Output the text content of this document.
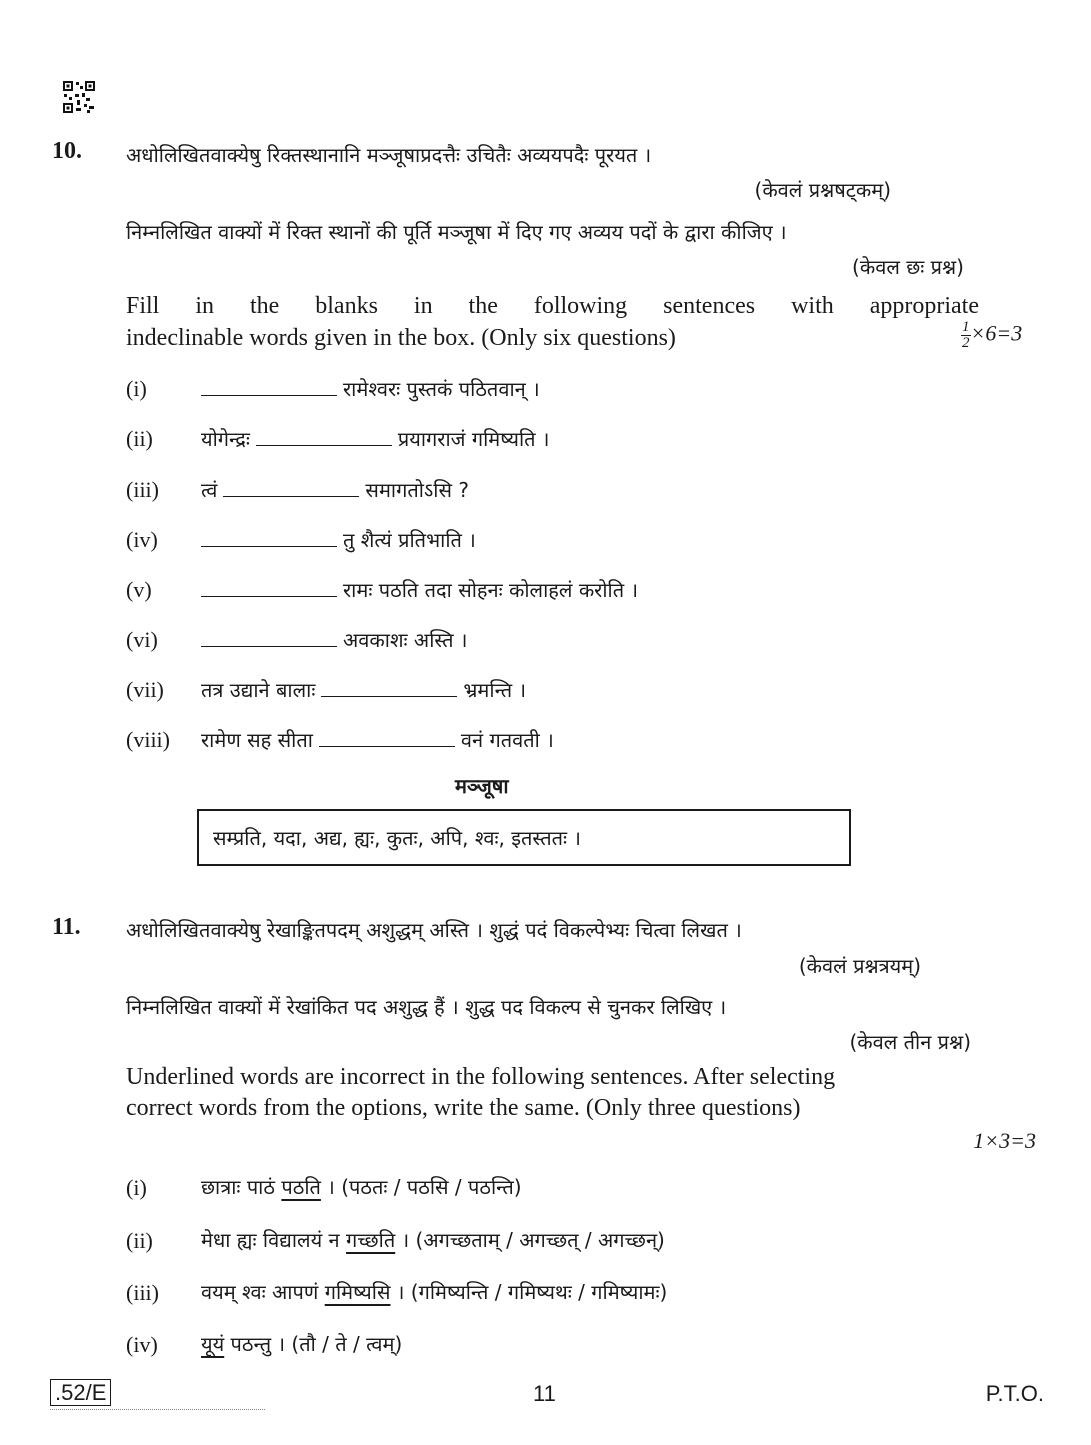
10. अधोलिखितवाक्येषु रिक्तस्थानानि मञ्जूषाप्रदत्तैः उचितैः अव्ययपदैः पूरयत ।
(केवलं प्रश्नषट्कम्)
निम्नलिखित वाक्यों में रिक्त स्थानों की पूर्ति मञ्जूषा में दिए गए अव्यय पदों के द्वारा कीजिए ।
(केवल छः प्रश्न)
Fill in the blanks in the following sentences with appropriate
indeclinable words given in the box. (Only six questions)	$\frac{1}{2} \times 6=3$
(i)	रामेश्वरः पुस्तकं पठितवान् ।
(ii) योगेन्द्रः	प्रयागराजं गमिष्यति ।
(iii) त्वं	समागतोऽसि ?
(iv)	तु शैत्यं प्रतिभाति ।
(v)	रामः पठति तदा सोहनः कोलाहलं करोति ।
(vi)	अवकाशः अस्ति ।
(vii) तत्र उद्याने बालाः	भ्रमन्ति ।
(viii) रामेण सह सीता	वनं गतवती ।
मञ्जूषा
सम्प्रति, यदा, अद्य, ह्यः, कुतः, अपि, श्वः, इतस्ततः ।
11. अधोलिखितवाक्येषु रेखाङ्कितपदम् अशुद्धम् अस्ति । शुद्धं पदं विकल्पेभ्यः चित्वा लिखत ।
(केवलं प्रश्नत्रयम्)
निम्नलिखित वाक्यों में रेखांकित पद अशुद्ध हैं । शुद्ध पद विकल्प से चुनकर लिखिए ।
(केवल तीन प्रश्न)
Underlined words are incorrect in the following sentences. After selecting
correct words from the options, write the same. (Only three questions)
1×3=3
(i)	छात्राः पाठं पठति । (पठतः / पठसि / पठन्ति)
(ii) मेधा ह्यः विद्यालयं न गच्छति । (अगच्छताम् / अगच्छत् / अगच्छन्)
(iii) वयम् श्वः आपणं गमिष्यसि । (गमिष्यन्ति / गमिष्यथः / गमिष्यामः)
(iv) यूयं पठन्तु । (तौ / ते / त्वम्)
.52/E	11	P.T.O.
